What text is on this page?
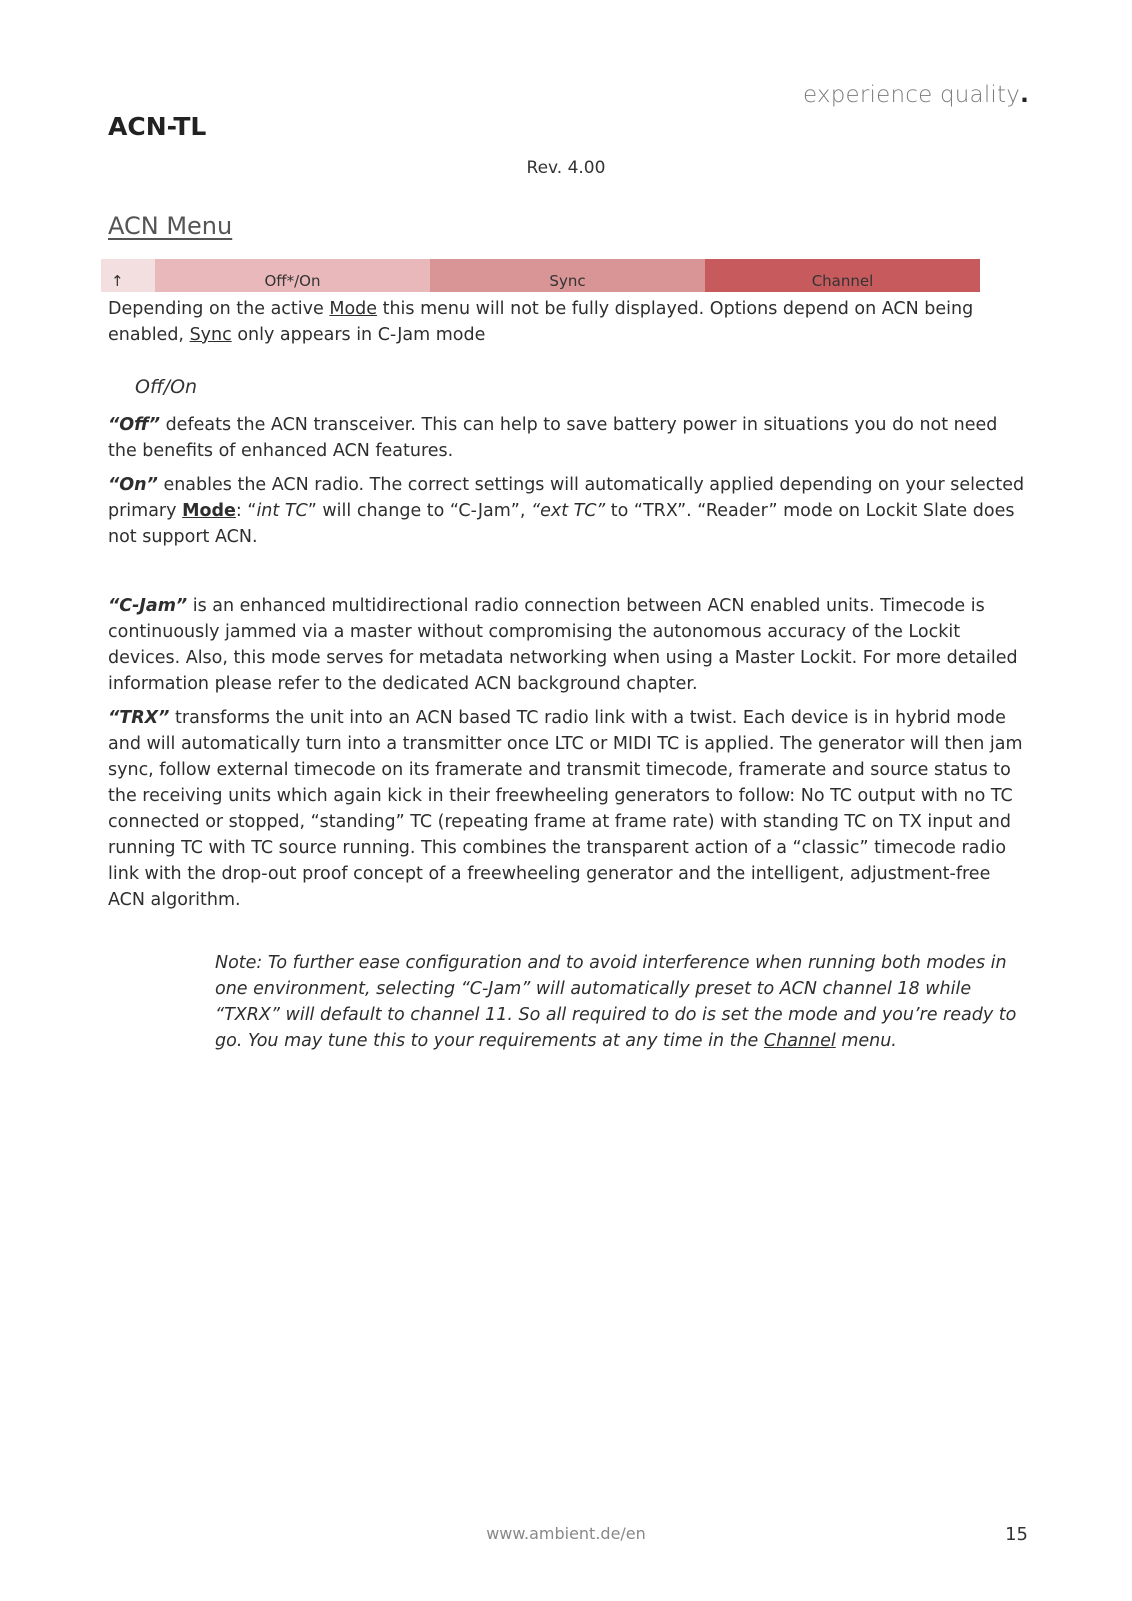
experience quality.
ACN-TL
Rev. 4.00
ACN Menu
↑	Off*/On	Sync	Channel

Depending on the active Mode this menu will not be fully displayed. Options depend on ACN being enabled, Sync only appears in C-Jam mode

Off/On

“Off” defeats the ACN transceiver. This can help to save battery power in situations you do not need the benefits of enhanced ACN features.

“On” enables the ACN radio. The correct settings will automatically applied depending on your selected primary Mode: “int TC” will change to “C-Jam”, “ext TC” to “TRX”. “Reader” mode on Lockit Slate does not support ACN.

“C-Jam” is an enhanced multidirectional radio connection between ACN enabled units. Timecode is continuously jammed via a master without compromising the autonomous accuracy of the Lockit devices. Also, this mode serves for metadata networking when using a Master Lockit. For more detailed information please refer to the dedicated ACN background chapter.

“TRX” transforms the unit into an ACN based TC radio link with a twist. Each device is in hybrid mode and will automatically turn into a transmitter once LTC or MIDI TC is applied. The generator will then jam sync, follow external timecode on its framerate and transmit timecode, framerate and source status to the receiving units which again kick in their freewheeling generators to follow: No TC output with no TC connected or stopped, “standing” TC (repeating frame at frame rate) with standing TC on TX input and running TC with TC source running. This combines the transparent action of a “classic” timecode radio link with the drop-out proof concept of a freewheeling generator and the intelligent, adjustment-free ACN algorithm.

Note: To further ease configuration and to avoid interference when running both modes in one environment, selecting “C-Jam” will automatically preset to ACN channel 18 while “TXRX” will default to channel 11. So all required to do is set the mode and you’re ready to go. You may tune this to your requirements at any time in the Channel menu.
www.ambient.de/en	15
